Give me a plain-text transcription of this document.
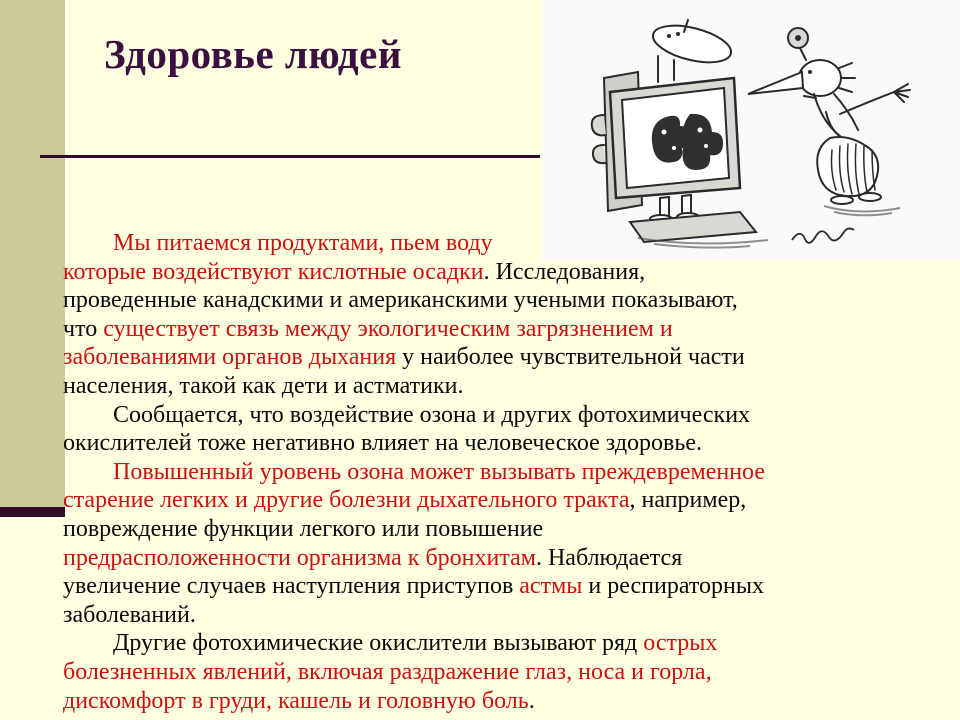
Здоровье людей
Мы питаемся продуктами, пьем воду
которые воздействуют кислотные осадки. Исследования,
проведенные канадскими и американскими учеными показывают,
что существует связь между экологическим загрязнением и
заболеваниями органов дыхания у наиболее чувствительной части
населения, такой как дети и астматики.
Сообщается, что воздействие озона и других фотохимических
окислителей тоже негативно влияет на человеческое здоровье.
Повышенный уровень озона может вызывать преждевременное
старение легких и другие болезни дыхательного тракта, например,
повреждение функции легкого или повышение
предрасположенности организма к бронхитам. Наблюдается
увеличение случаев наступления приступов астмы и респираторных
заболеваний.
Другие фотохимические окислители вызывают ряд острых
болезненных явлений, включая раздражение глаз, носа и горла,
дискомфорт в груди, кашель и головную боль.
